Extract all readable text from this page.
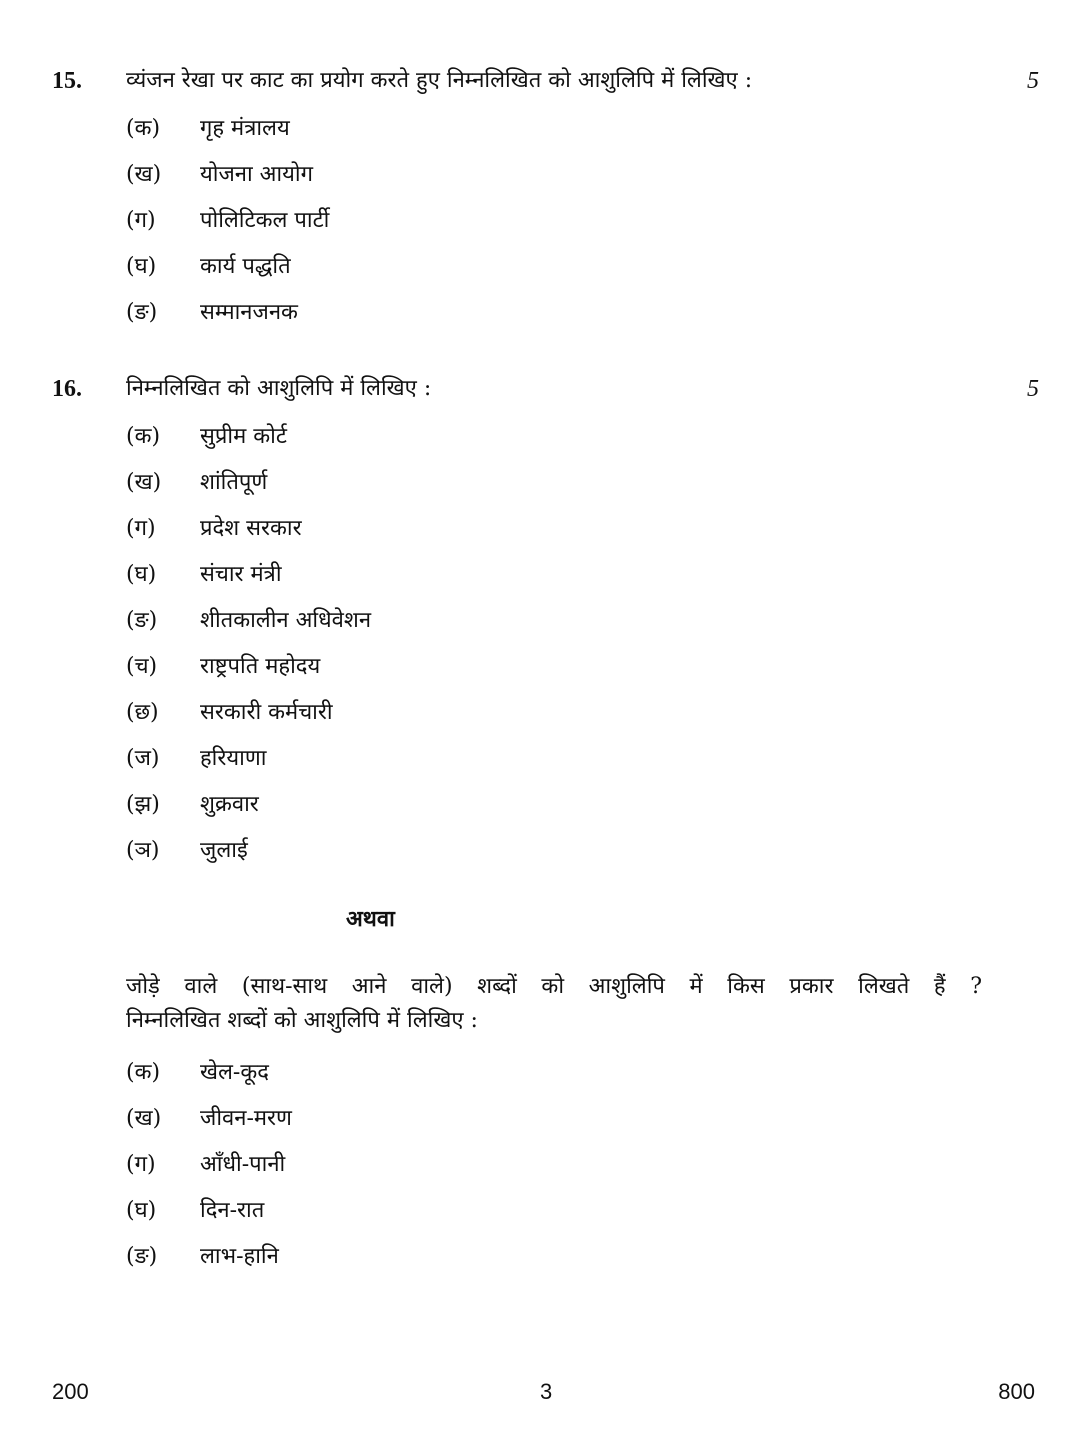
15. व्यंजन रेखा पर काट का प्रयोग करते हुए निम्नलिखित को आशुलिपि में लिखिए :	5
(क)	गृह मंत्रालय
(ख)	योजना आयोग
(ग)	पोलिटिकल पार्टी
(घ)	कार्य पद्धति
(ङ)	सम्मानजनक
16. निम्नलिखित को आशुलिपि में लिखिए :	5
(क)	सुप्रीम कोर्ट
(ख)	शांतिपूर्ण
(ग)	प्रदेश सरकार
(घ)	संचार मंत्री
(ङ)	शीतकालीन अधिवेशन
(च)	राष्ट्रपति महोदय
(छ)	सरकारी कर्मचारी
(ज)	हरियाणा
(झ)	शुक्रवार
(ञ)	जुलाई
अथवा
जोड़े वाले (साथ-साथ आने वाले) शब्दों को आशुलिपि में किस प्रकार लिखते हैं ?
निम्नलिखित शब्दों को आशुलिपि में लिखिए :
(क)	खेल-कूद
(ख)	जीवन-मरण
(ग)	आँधी-पानी
(घ)	दिन-रात
(ङ)	लाभ-हानि
200	3	800
